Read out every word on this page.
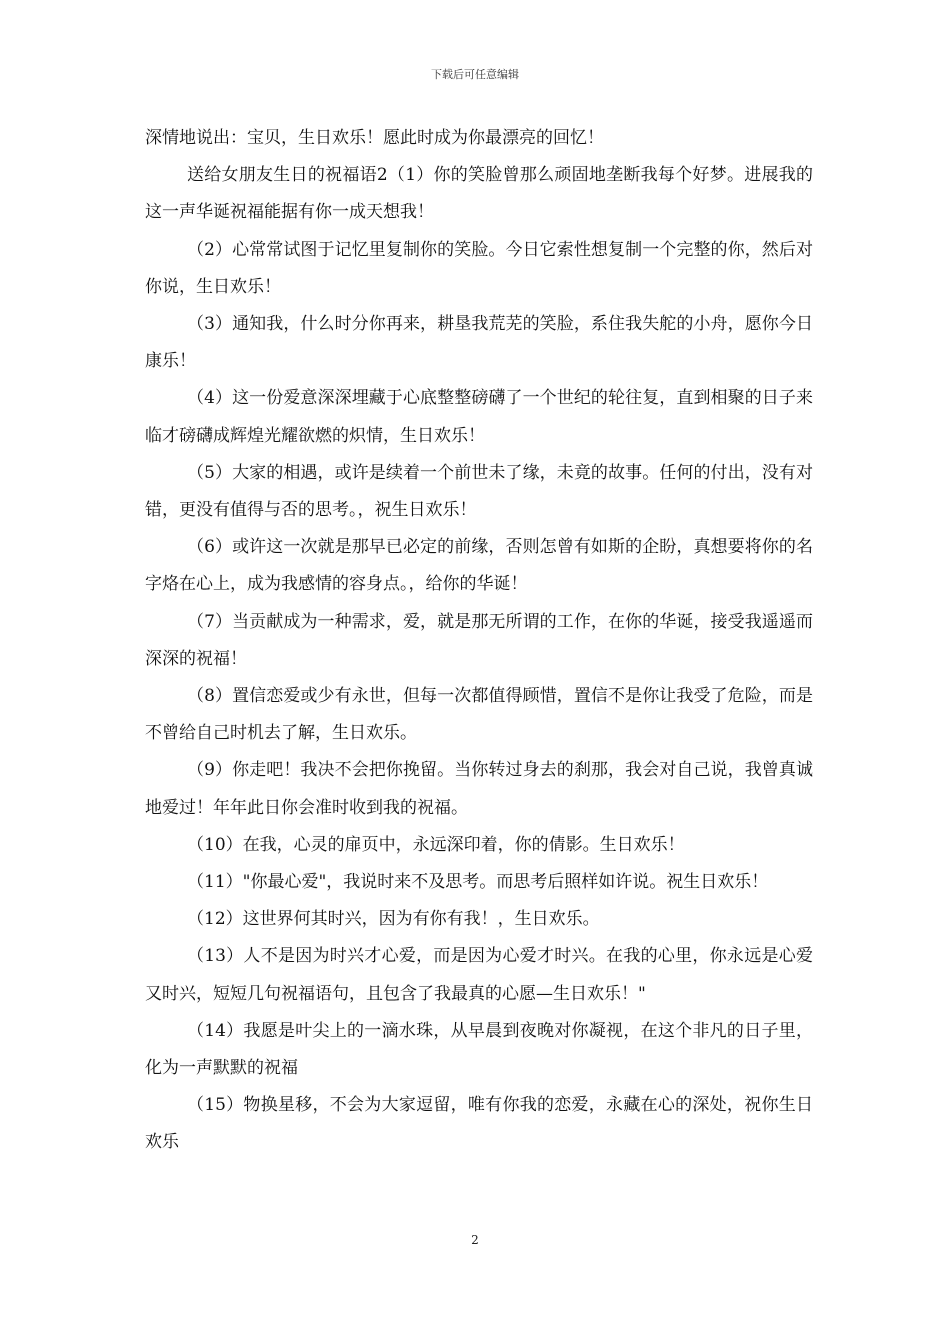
下载后可任意编辑

深情地说出：宝贝，生日欢乐！愿此时成为你最漂亮的回忆！

送给女朋友生日的祝福语2（1）你的笑脸曾那么顽固地垄断我每个好梦。进展我的这一声华诞祝福能据有你一成天想我！

（2）心常常试图于记忆里复制你的笑脸。今日它索性想复制一个完整的你，然后对你说，生日欢乐！

（3）通知我，什么时分你再来，耕垦我荒芜的笑脸，系住我失舵的小舟，愿你今日康乐！

（4）这一份爱意深深埋藏于心底整整磅礴了一个世纪的轮往复，直到相聚的日子来临才磅礴成辉煌光耀欲燃的炽情，生日欢乐！

（5）大家的相遇，或许是续着一个前世未了缘，未竟的故事。任何的付出，没有对错，更没有值得与否的思考。，祝生日欢乐！

（6）或许这一次就是那早已必定的前缘，否则怎曾有如斯的企盼，真想要将你的名字烙在心上，成为我感情的容身点。，给你的华诞！

（7）当贡献成为一种需求，爱，就是那无所谓的工作，在你的华诞，接受我遥遥而深深的祝福！

（8）置信恋爱或少有永世，但每一次都值得顾惜，置信不是你让我受了危险，而是不曾给自己时机去了解，生日欢乐。

（9）你走吧！我决不会把你挽留。当你转过身去的刹那，我会对自己说，我曾真诚地爱过！年年此日你会准时收到我的祝福。

（10）在我，心灵的扉页中，永远深印着，你的倩影。生日欢乐！

（11）"你最心爱"，我说时来不及思考。而思考后照样如许说。祝生日欢乐！

（12）这世界何其时兴，因为有你有我！，生日欢乐。

（13）人不是因为时兴才心爱，而是因为心爱才时兴。在我的心里，你永远是心爱又时兴，短短几句祝福语句，且包含了我最真的心愿—生日欢乐！"

（14）我愿是叶尖上的一滴水珠，从早晨到夜晚对你凝视，在这个非凡的日子里，化为一声默默的祝福

（15）物换星移，不会为大家逗留，唯有你我的恋爱，永藏在心的深处，祝你生日欢乐

2
